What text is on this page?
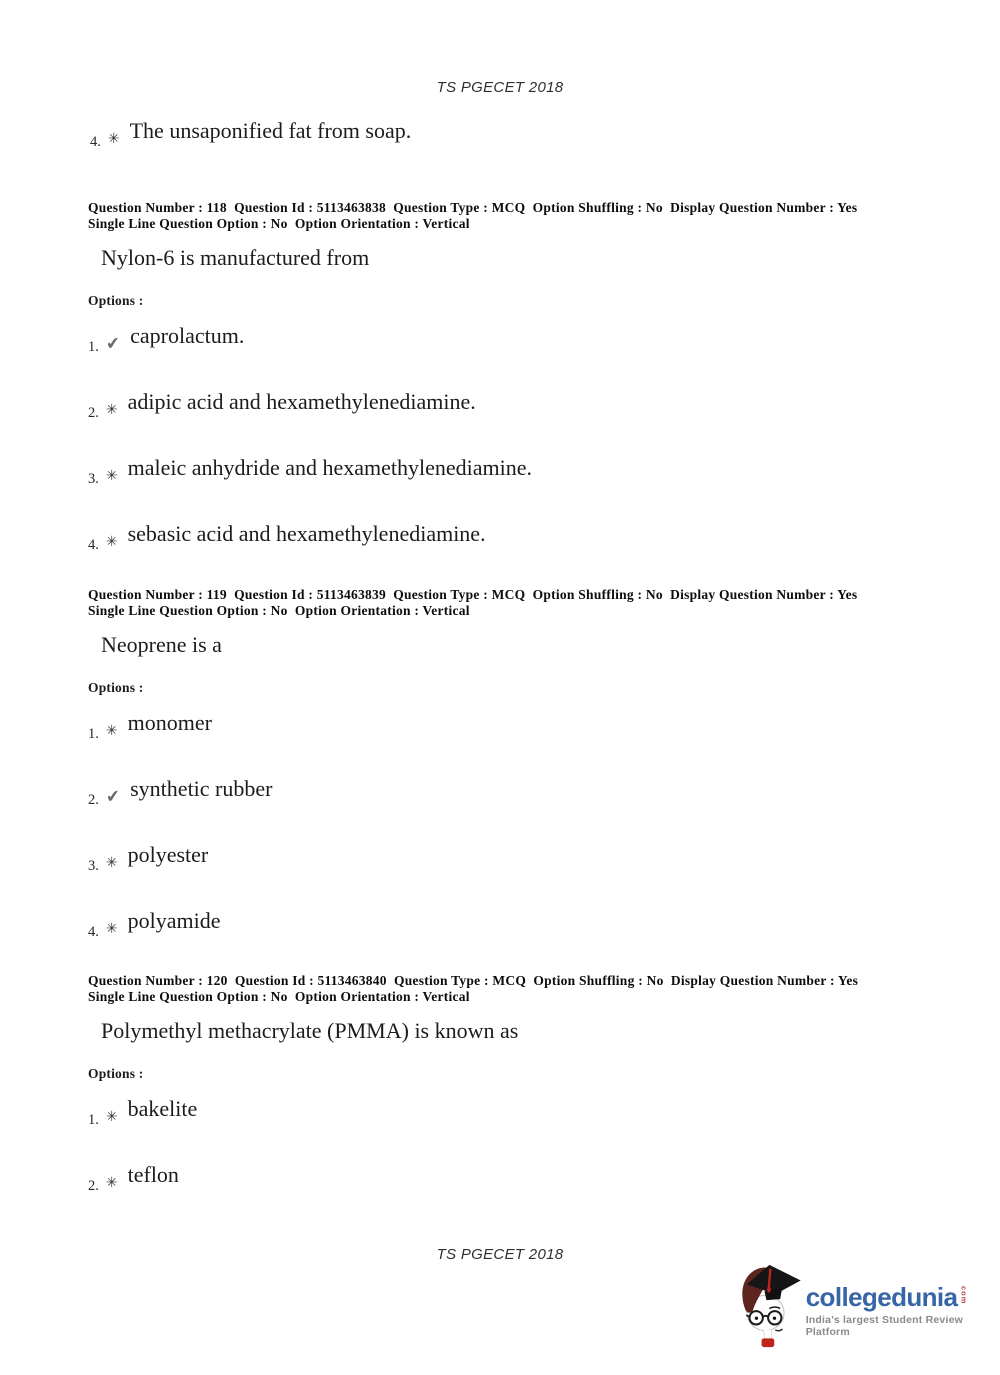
TS PGECET 2018
4. ✳ The unsaponified fat from soap.
Question Number : 118  Question Id : 5113463838  Question Type : MCQ  Option Shuffling : No  Display Question Number : Yes
Single Line Question Option : No  Option Orientation : Vertical
Nylon-6 is manufactured from
Options :
1. ✔ caprolactum.
2. ✳ adipic acid and hexamethylenediamine.
3. ✳ maleic anhydride and hexamethylenediamine.
4. ✳ sebasic acid and hexamethylenediamine.
Question Number : 119  Question Id : 5113463839  Question Type : MCQ  Option Shuffling : No  Display Question Number : Yes
Single Line Question Option : No  Option Orientation : Vertical
Neoprene is a
Options :
1. ✳ monomer
2. ✔ synthetic rubber
3. ✳ polyester
4. ✳ polyamide
Question Number : 120  Question Id : 5113463840  Question Type : MCQ  Option Shuffling : No  Display Question Number : Yes
Single Line Question Option : No  Option Orientation : Vertical
Polymethyl methacrylate (PMMA) is known as
Options :
1. ✳ bakelite
2. ✳ teflon
TS PGECET 2018
collegedunia com
India's largest Student Review Platform
